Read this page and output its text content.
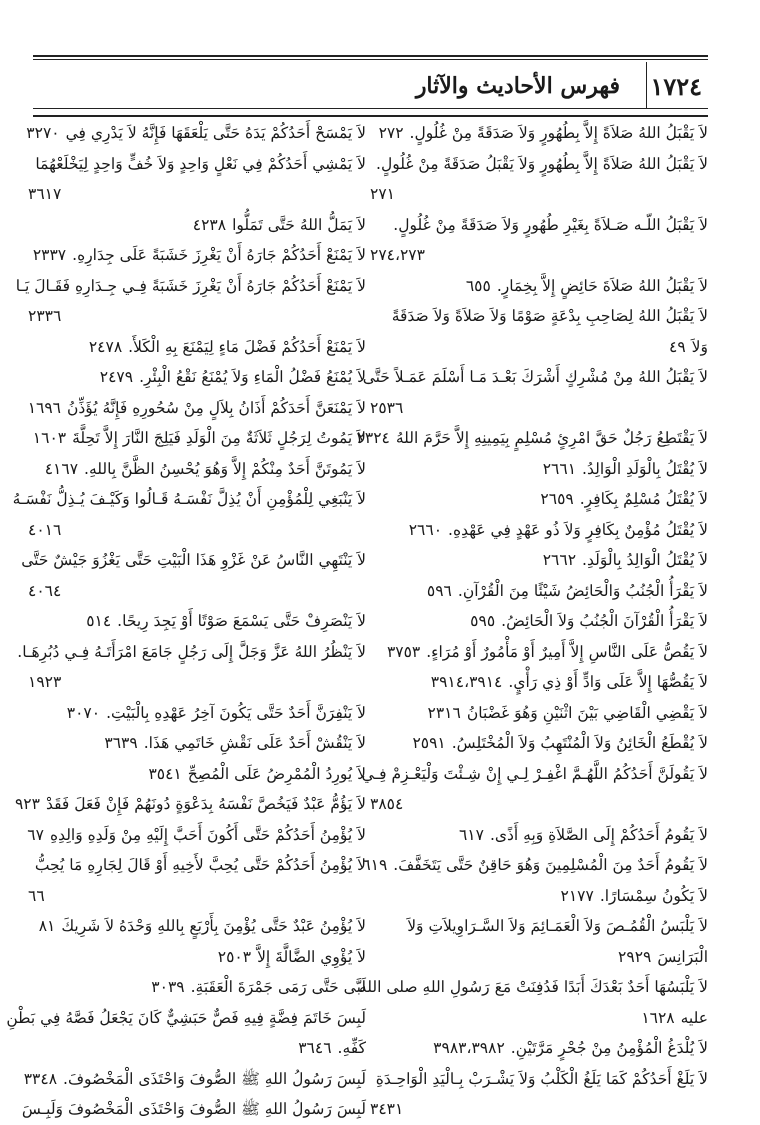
١٧٢٤
فهرس الأحاديث والآثار
لاَ يَقْبَلُ اللهُ صَلاَةً إِلاَّ بِطُهُورٍ وَلاَ صَدَقَةً مِنْ غُلُولٍ.٢٧٢
لاَ يَقْبَلُ اللهُ صَلاَةً إِلاَّ بِطُهُورٍ وَلاَ يَقْبَلُ صَدَقَةً مِنْ غُلُولٍ.
٢٧١
لاَ يَقْبَلُ اللّـه صَـلاَةً بِغَيْرِ طُهُورٍ وَلاَ صَدَقَةً مِنْ غُلُولٍ.
٢٧٤،٢٧٣
لاَ يَقْبَلُ اللهُ صَلاَةَ حَائِضٍ إِلاَّ بِخِمَارٍ.٦٥٥
لاَ يَقْبَلُ اللهُ لِصَاحِبِ بِدْعَةٍ صَوْمًا وَلاَ صَلاَةً وَلاَ صَدَقَةً
وَلاَ٤٩
لاَ يَقْبَلُ اللهُ مِنْ مُشْرِكٍ أَشْرَكَ بَعْـدَ مَـا أَسْلَمَ عَمَـلاً حَتَّى
٢٥٣٦
لاَ يَقْتَطِعُ رَجُلٌ حَقَّ امْرِئٍ مُسْلِمٍ بِيَمِينِهِ إِلاَّ حَرَّمَ اللهُ٢٣٢٤
لاَ يُقْتَلُ بِالْوَلَدِ الْوَالِدُ.٢٦٦١
لاَ يُقْتَلُ مُسْلِمٌ بِكَافِرٍ.٢٦٥٩
لاَ يُقْتَلُ مُؤْمِنٌ بِكَافِرٍ وَلاَ ذُو عَهْدٍ فِي عَهْدِهِ.٢٦٦٠
لاَ يُقْتَلُ الْوَالِدُ بِالْوَلَدِ.٢٦٦٢
لاَ يَقْرَأُ الْجُنُبُ وَالْحَائِضُ شَيْئًا مِنَ الْقُرْآنِ.٥٩٦
لاَ يَقْرَأُ الْقُرْآنَ الْجُنُبُ وَلاَ الْحَائِضُ.٥٩٥
لاَ يَقُصُّ عَلَى النَّاسِ إِلاَّ أَمِيرٌ أَوْ مَأْمُورٌ أَوْ مُرَاءٍ.٣٧٥٣
لاَ يَقُصُّهَا إِلاَّ عَلَى وَادٍّ أَوْ ذِي رَأْيٍ.٣٩١٤،٣٩١٤
لاَ يَقْضِي الْقَاضِي بَيْنَ اثْنَيْنِ وَهُوَ غَضْبَانُ٢٣١٦
لاَ يُقْطَعُ الْخَائِنُ وَلاَ الْمُنْتَهِبُ وَلاَ الْمُخْتَلِسُ.٢٥٩١
لاَ يَقُولَنَّ أَحَدُكُمُ اللَّهُـمَّ اغْفِـرْ لِـي إِنْ شِـئْتَ وَلْيَعْـزِمْ فِـي
٣٨٥٤
لاَ يَقُومُ أَحَدُكُمْ إِلَى الصَّلاَةِ وَبِهِ أَذًى.٦١٧
لاَ يَقُومُ أَحَدٌ مِنَ الْمُسْلِمِينَ وَهُوَ حَاقِنٌ حَتَّى يَتَخَفَّفَ.٦١٩
لاَ يَكُونُ سِمْسَارًا.٢١٧٧
لاَ يَلْبَسُ الْقُمُـصَ وَلاَ الْعَمَـائِمَ وَلاَ السَّـرَاوِيلاَتِ وَلاَ
الْبَرَانِسَ٢٩٢٩
لاَ يَلْبَسُهَا أَحَدٌ بَعْدَكَ أَبَدًا فَدُفِنَتْ مَعَ رَسُولِ اللهِ صلى الله
عليه١٦٢٨
لاَ يُلْدَغُ الْمُؤْمِنُ مِنْ جُحْرٍ مَرَّتَيْنِ.٣٩٨٣،٣٩٨٢
لاَ يَلَغْ أَحَدُكُمْ كَمَا يَلَغُ الْكَلْبُ وَلاَ يَشْـرَبْ بِـالْيَدِ الْوَاحِـدَةِ
٣٤٣١
لاَ يَمْسَحْ أَحَدُكُمْ يَدَهُ حَتَّى يَلْعَقَهَا فَإِنَّهُ لاَ يَدْرِي فِي٣٢٧٠
لاَ يَمْشِي أَحَدُكُمْ فِي نَعْلٍ وَاحِدٍ وَلاَ خُفٍّ وَاحِدٍ لِيَخْلَعْهُمَا
٣٦١٧
لاَ يَمَلُّ اللهُ حَتَّى تَمَلُّوا٤٢٣٨
لاَ يَمْنَعْ أَحَدُكُمْ جَارَهُ أَنْ يَغْرِزَ خَشَبَةً عَلَى جِدَارِهِ.٢٣٣٧
لاَ يَمْنَعْ أَحَدُكُمْ جَارَهُ أَنْ يَغْرِزَ خَشَبَةً فِـي جِـدَارِهِ فَقَـالَ يَـا
٢٣٣٦
لاَ يَمْنَعْ أَحَدُكُمْ فَضْلَ مَاءٍ لِيَمْنَعَ بِهِ الْكَلأَ.٢٤٧٨
لاَ يُمْنَعُ فَضْلُ الْمَاءِ وَلاَ يُمْنَعُ نَقْعُ الْبِئْرِ.٢٤٧٩
لاَ يَمْنَعَنَّ أَحَدَكُمْ أَذَانُ بِلاَلٍ مِنْ سُحُورِهِ فَإِنَّهُ يُؤَذِّنُ١٦٩٦
لاَ يَمُوتُ لِرَجُلٍ ثَلاَثَةٌ مِنَ الْوَلَدِ فَيَلِجَ النَّارَ إِلاَّ تَحِلَّةَ١٦٠٣
لاَ يَمُوتَنَّ أَحَدٌ مِنْكُمْ إِلاَّ وَهُوَ يُحْسِنُ الظَّنَّ بِاللهِ.٤١٦٧
لاَ يَنْبَغِي لِلْمُؤْمِنِ أَنْ يُذِلَّ نَفْسَـهُ قَـالُوا وَكَيْـفَ يُـذِلُّ نَفْسَـهُ
٤٠١٦
لاَ يَنْتَهِي النَّاسُ عَنْ غَزْوِ هَذَا الْبَيْتِ حَتَّى يَغْزُوَ جَيْشٌ حَتَّى
٤٠٦٤
لاَ يَنْصَرِفْ حَتَّى يَسْمَعَ صَوْتًا أَوْ يَجِدَ رِيحًا.٥١٤
لاَ يَنْظُرُ اللهُ عَزَّ وَجَلَّ إِلَى رَجُلٍ جَامَعَ امْرَأَتَـهُ فِـي دُبُرِهَـا.
١٩٢٣
لاَ يَنْفِرَنَّ أَحَدٌ حَتَّى يَكُونَ آخِرُ عَهْدِهِ بِالْبَيْتِ.٣٠٧٠
لاَ يَنْقُشْ أَحَدٌ عَلَى نَقْشِ خَاتَمِي هَذَا.٣٦٣٩
لاَ يُورِدُ الْمُمْرِضُ عَلَى الْمُصِحِّ٣٥٤١
لاَ يَؤُمُّ عَبْدٌ فَيَخُصَّ نَفْسَهُ بِدَعْوَةٍ دُونَهُمْ فَإِنْ فَعَلَ فَقَدْ٩٢٣
لاَ يُؤْمِنُ أَحَدُكُمْ حَتَّى أَكُونَ أَحَبَّ إِلَيْهِ مِنْ وَلَدِهِ وَالِدِهِ٦٧
لاَ يُؤْمِنُ أَحَدُكُمْ حَتَّى يُحِبَّ لأَخِيهِ أَوْ قَالَ لِجَارِهِ مَا يُحِبُّ
٦٦
لاَ يُؤْمِنُ عَبْدٌ حَتَّى يُؤْمِنَ بِأَرْبَعٍ بِاللهِ وَحْدَهُ لاَ شَرِيكَ٨١
لاَ يُؤْوِي الضَّالَّةَ إِلاَّ٢٥٠٣
لَبَّى حَتَّى رَمَى جَمْرَةَ الْعَقَبَةِ.٣٠٣٩
لَبِسَ خَاتَمَ فِضَّةٍ فِيهِ فَصٌّ حَبَشِيٌّ كَانَ يَجْعَلُ فَصَّهُ فِي بَطْنِ
كَفِّهِ.٣٦٤٦
لَبِسَ رَسُولُ اللهِ ﷺ الصُّوفَ وَاحْتَذَى الْمَخْصُوفَ.٣٣٤٨
لَبِسَ رَسُولُ اللهِ ﷺ الصُّوفَ وَاحْتَذَى الْمَخْصُوفَ وَلَبِـسَ
